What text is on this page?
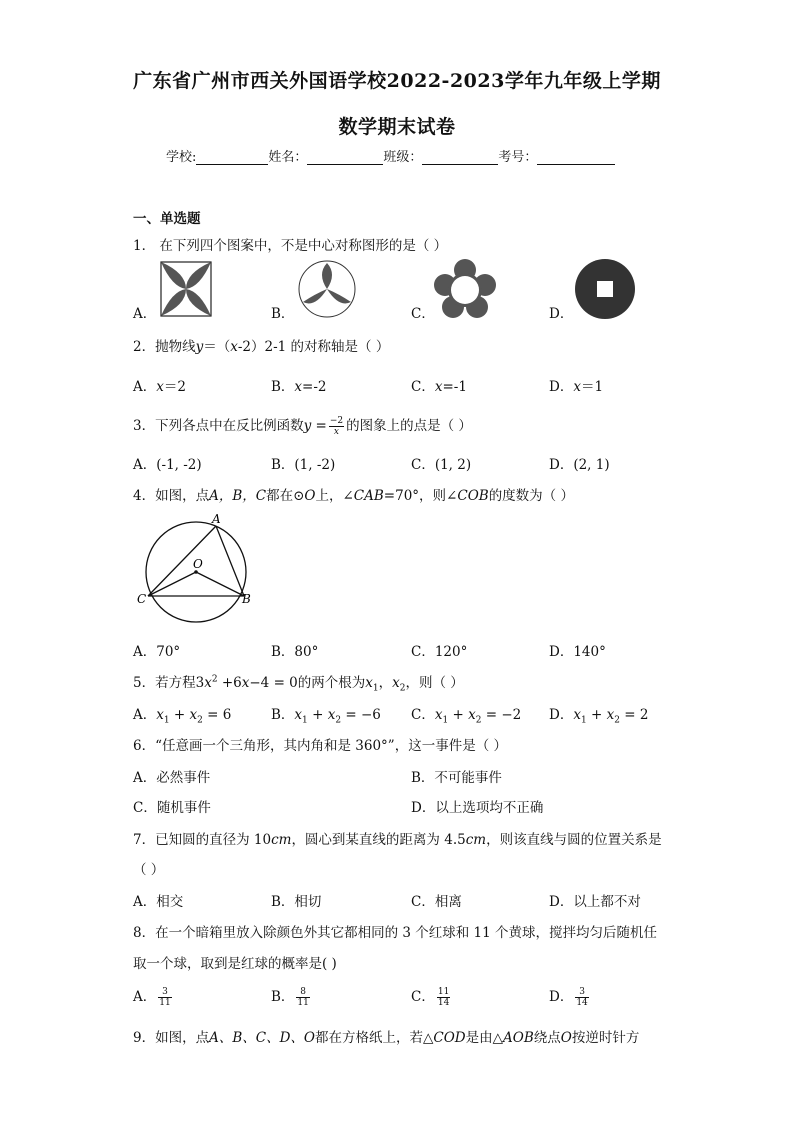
广东省广州市西关外国语学校2022-2023学年九年级上学期
数学期末试卷
学校:	姓名：	班级：	考号：
一、单选题
1． 在下列四个图案中，不是中心对称图形的是（ ）
A．	B．	C．	D．
2．抛物线y＝（x-2）2-1 的对称轴是（ ）
A．x＝2	B．x=-2	C．x=-1	D．x＝1
3．下列各点中在反比例函数$y = \frac{-2}{x}$ 的图象上的点是（ ）
A．(-1, -2)	B．(1, -2)	C．(1, 2)	D．(2, 1)
4．如图，点A，B，C都在⊙O上，∠CAB=70°，则∠COB的度数为（ ）
A
O
C	B
A．70°	B．80°	C．120°	D．140°
5．若方程$3x^2 +6x-4 = 0$的两个根为$x_1$，$x_2$，则（ ）
A．$x_1 + x_2 = 6$	B．$x_1 + x_2 = -6$ C．$x_1 + x_2 = -2$ D．$x_1 + x_2 = 2$
6．“任意画一个三角形，其内角和是 360°”，这一事件是（ ）
A．必然事件	B．不可能事件
C．随机事件	D．以上选项均不正确
7．已知圆的直径为 10cm，圆心到某直线的距离为 4.5cm，则该直线与圆的位置关系是
（ ）
A．相交	B．相切	C．相离	D．以上都不对
8．在一个暗箱里放入除颜色外其它都相同的 3 个红球和 11 个黄球，搅拌均匀后随机任
取一个球，取到是红球的概率是( )
A． $\frac{3}{11}$	B． $\frac{8}{11}$	C． $\frac{11}{14}$	D． $\frac{3}{14}$
9．如图，点A、B、C、D、O都在方格纸上，若△COD是由△AOB绕点O按逆时针方
